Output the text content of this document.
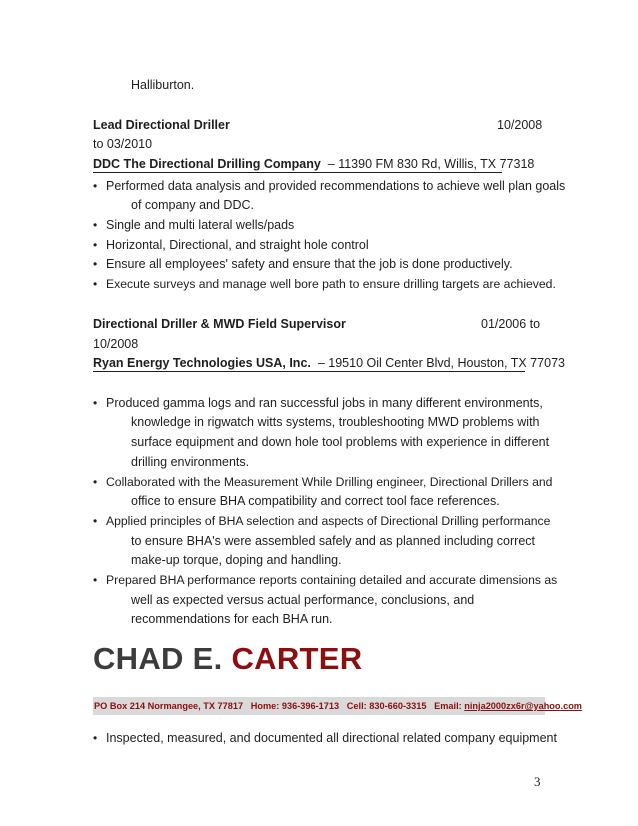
Halliburton.
Lead Directional Driller	10/2008
to 03/2010
DDC The Directional Drilling Company  – 11390 FM 830 Rd, Willis, TX 77318
• Performed data analysis and provided recommendations to achieve well plan goals
of company and DDC.
• Single and multi lateral wells/pads
• Horizontal, Directional, and straight hole control
• Ensure all employees' safety and ensure that the job is done productively.
• Execute surveys and manage well bore path to ensure drilling targets are achieved.
Directional Driller & MWD Field Supervisor	01/2006 to
10/2008
Ryan Energy Technologies USA, Inc.  – 19510 Oil Center Blvd, Houston, TX 77073
• Produced gamma logs and ran successful jobs in many different environments,
knowledge in rigwatch witts systems, troubleshooting MWD problems with
surface equipment and down hole tool problems with experience in different
drilling environments.
• Collaborated with the Measurement While Drilling engineer, Directional Drillers and
office to ensure BHA compatibility and correct tool face references.
• Applied principles of BHA selection and aspects of Directional Drilling performance
to ensure BHA's were assembled safely and as planned including correct
make-up torque, doping and handling.
• Prepared BHA performance reports containing detailed and accurate dimensions as
well as expected versus actual performance, conclusions, and
recommendations for each BHA run.
CHAD E. CARTER
PO Box 214 Normangee, TX 77817   Home: 936-396-1713   Cell: 830-660-3315   Email: ninja2000zx6r@yahoo.com
• Inspected, measured, and documented all directional related company equipment
3
